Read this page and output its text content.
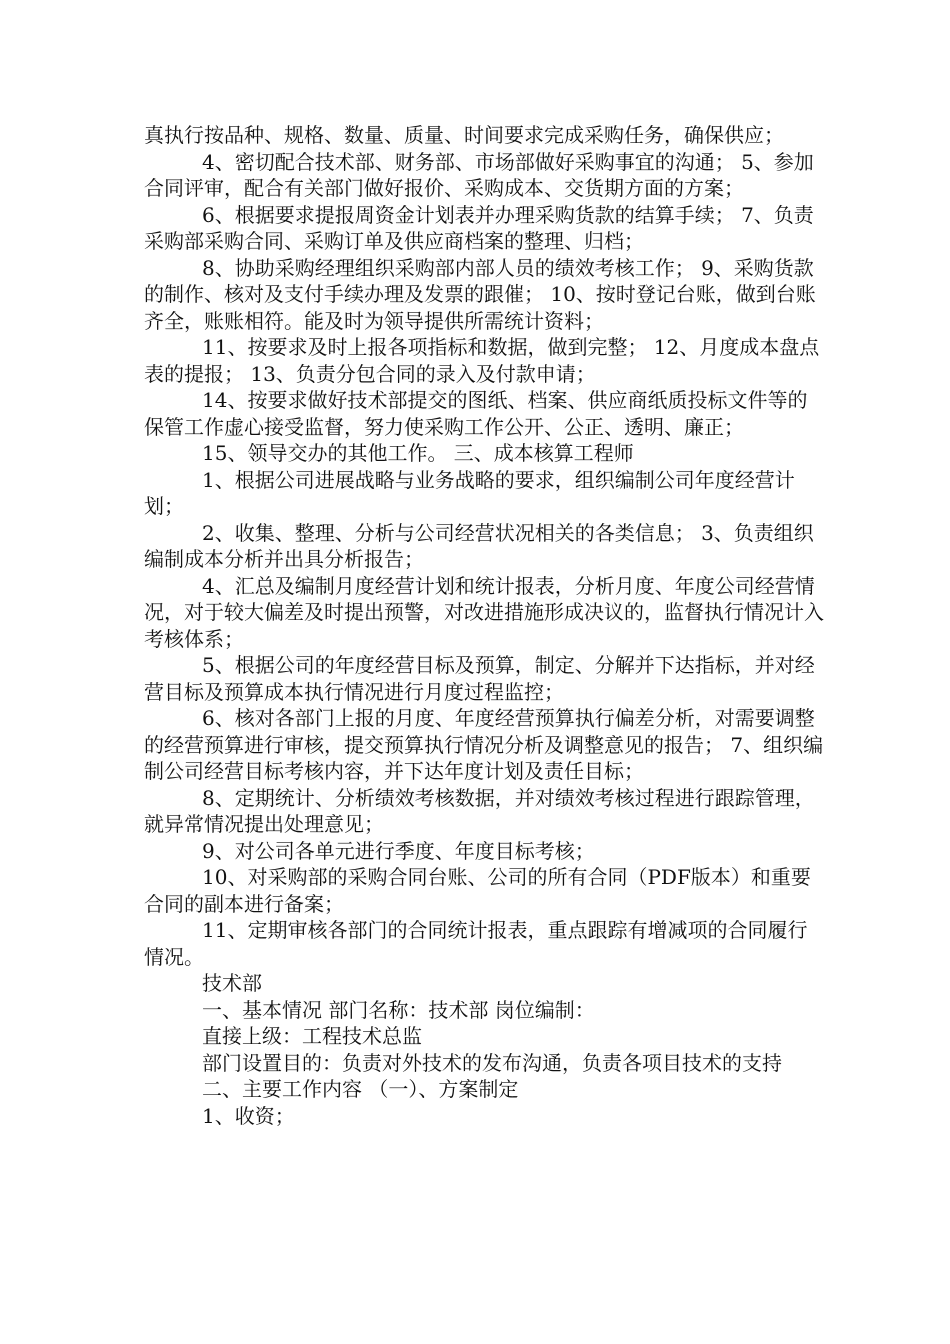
真执行按品种、规格、数量、质量、时间要求完成采购任务，确保供应；

4、密切配合技术部、财务部、市场部做好采购事宜的沟通； 5、参加合同评审，配合有关部门做好报价、采购成本、交货期方面的方案；

6、根据要求提报周资金计划表并办理采购货款的结算手续； 7、负责采购部采购合同、采购订单及供应商档案的整理、归档；

8、协助采购经理组织采购部内部人员的绩效考核工作； 9、采购货款的制作、核对及支付手续办理及发票的跟催； 10、按时登记台账，做到台账齐全，账账相符。能及时为领导提供所需统计资料；

11、按要求及时上报各项指标和数据，做到完整； 12、月度成本盘点表的提报； 13、负责分包合同的录入及付款申请；

14、按要求做好技术部提交的图纸、档案、供应商纸质投标文件等的保管工作虚心接受监督，努力使采购工作公开、公正、透明、廉正；

15、领导交办的其他工作。 三、成本核算工程师

1、根据公司进展战略与业务战略的要求，组织编制公司年度经营计划；

2、收集、整理、分析与公司经营状况相关的各类信息； 3、负责组织编制成本分析并出具分析报告；

4、汇总及编制月度经营计划和统计报表，分析月度、年度公司经营情况，对于较大偏差及时提出预警，对改进措施形成决议的，监督执行情况计入考核体系；

5、根据公司的年度经营目标及预算，制定、分解并下达指标，并对经营目标及预算成本执行情况进行月度过程监控；

6、核对各部门上报的月度、年度经营预算执行偏差分析，对需要调整的经营预算进行审核，提交预算执行情况分析及调整意见的报告； 7、组织编制公司经营目标考核内容，并下达年度计划及责任目标；

8、定期统计、分析绩效考核数据，并对绩效考核过程进行跟踪管理，就异常情况提出处理意见；

9、对公司各单元进行季度、年度目标考核；

10、对采购部的采购合同台账、公司的所有合同（PDF版本）和重要合同的副本进行备案；

11、定期审核各部门的合同统计报表，重点跟踪有增减项的合同履行情况。

技术部

一、基本情况 部门名称：技术部 岗位编制：

直接上级：工程技术总监

部门设置目的：负责对外技术的发布沟通，负责各项目技术的支持

二、主要工作内容 （一）、方案制定

1、收资；
